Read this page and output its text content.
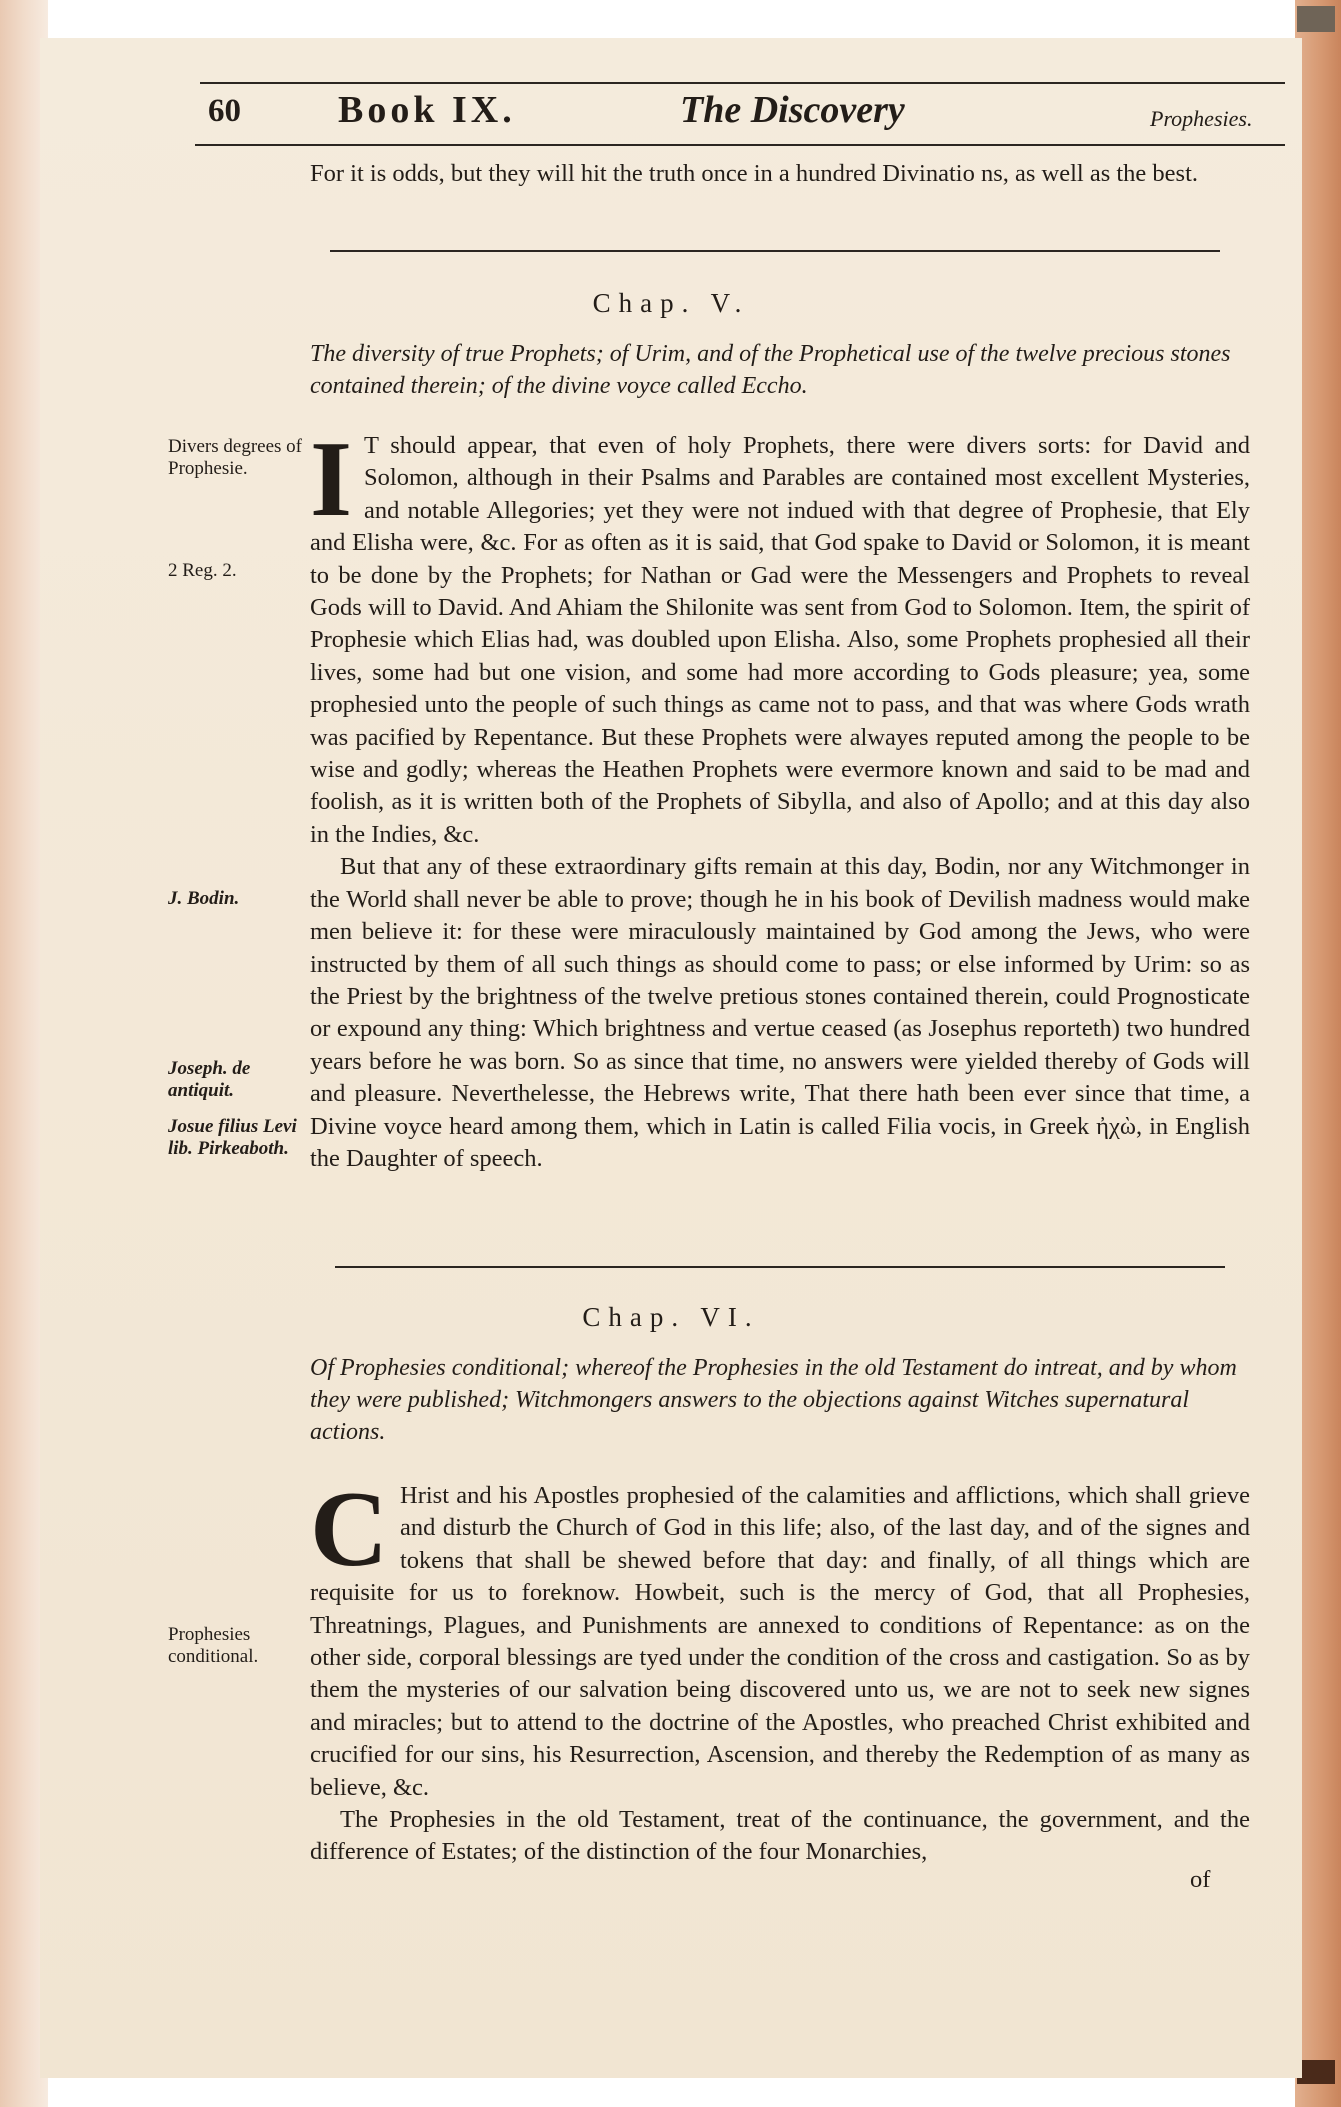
60	Book IX.	The Discovery	Prophesies.
For it is odds, but they will hit the truth once in a hundred Divinatio ns, as well as the best.
Chap. V.
The diversity of true Prophets; of Urim, and of the Prophetical use of the twelve precious stones contained therein; of the divine voyce called Eccho.
I T should appear, that even of holy Prophets, there were divers sorts: for David and Solomon, although in their Psalms and Parables are contained most excellent Mysteries, and notable Allegories; yet they were not indued with that degree of Prophesie, that Ely and Elisha were, &c. For as often as it is said, that God spake to David or Solomon, it is meant to be done by the Prophets; for Nathan or Gad were the Messengers and Prophets to reveal Gods will to David. And Ahiam the Shilonite was sent from God to Solomon. Item, the spirit of Prophesie which Elias had, was doubled upon Elisha. Also, some Prophets prophesied all their lives, some had but one vision, and some had more according to Gods pleasure; yea, some prophesied unto the people of such things as came not to pass, and that was where Gods wrath was pacified by Repentance. But these Prophets were alwayes reputed among the people to be wise and godly; whereas the Heathen Prophets were evermore known and said to be mad and foolish, as it is written both of the Prophets of Sibylla, and also of Apollo; and at this day also in the Indies, &c.
But that any of these extraordinary gifts remain at this day, Bodin, nor any Witchmonger in the World shall never be able to prove; though he in his book of Devilish madness would make men believe it: for these were miraculously maintained by God among the Jews, who were instructed by them of all such things as should come to pass; or else informed by Urim: so as the Priest by the brightness of the twelve pretious stones contained therein, could Prognosticate or expound any thing: Which brightness and vertue ceased (as Josephus reporteth) two hundred years before he was born. So as since that time, no answers were yielded thereby of Gods will and pleasure. Neverthelesse, the Hebrews write, That there hath been ever since that time, a Divine voyce heard among them, which in Latin is called Filia vocis, in Greek ἠχὼ, in English the Daughter of speech.
Divers degrees of Prophesie.
2 Reg. 2.
J. Bodin.
Joseph. de antiquit.
Josue filius Levi lib. Pirkeaboth.
Chap. VI.
Of Prophesies conditional; whereof the Prophesies in the old Testament do intreat, and by whom they were published; Witchmongers answers to the objections against Witches supernatural actions.
C Hrist and his Apostles prophesied of the calamities and afflictions, which shall grieve and disturb the Church of God in this life; also, of the last day, and of the signes and tokens that shall be shewed before that day: and finally, of all things which are requisite for us to foreknow. Howbeit, such is the mercy of God, that all Prophesies, Threatnings, Plagues, and Punishments are annexed to conditions of Repentance: as on the other side, corporal blessings are tyed under the condition of the cross and castigation. So as by them the mysteries of our salvation being discovered unto us, we are not to seek new signes and miracles; but to attend to the doctrine of the Apostles, who preached Christ exhibited and crucified for our sins, his Resurrection, Ascension, and thereby the Redemption of as many as believe, &c.
The Prophesies in the old Testament, treat of the continuance, the government, and the difference of Estates; of the distinction of the four Monarchies,
Prophesies conditional.
of
